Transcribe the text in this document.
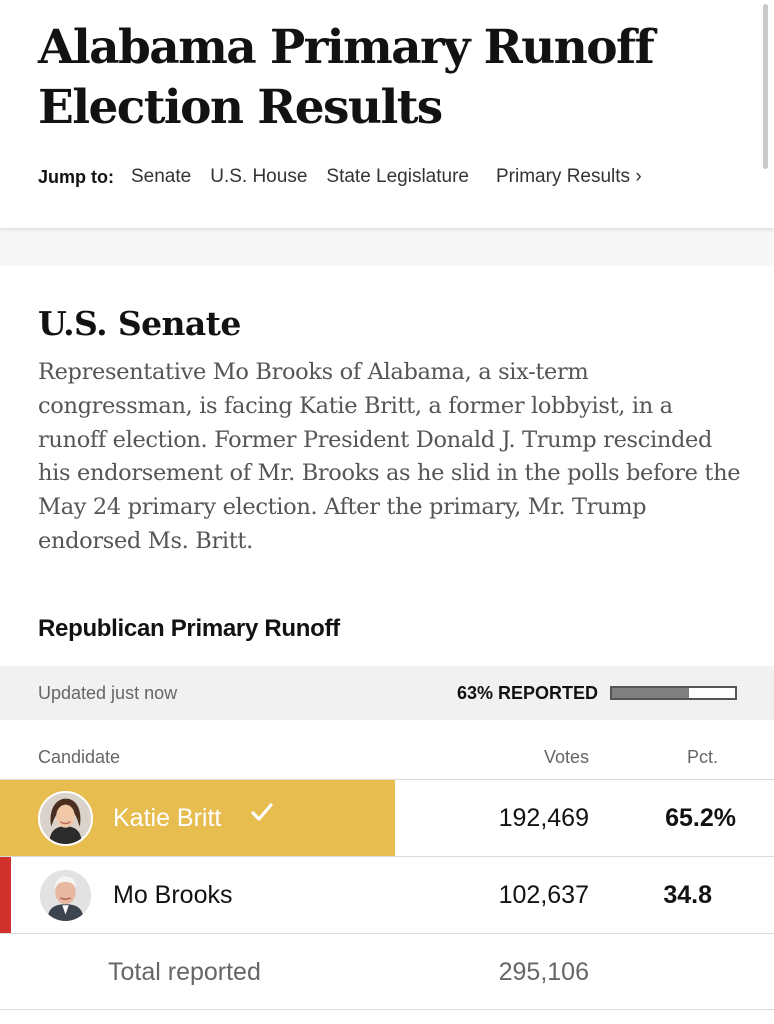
Alabama Primary Runoff Election Results
Jump to: Senate U.S. House State Legislature Primary Results ›
U.S. Senate

Representative Mo Brooks of Alabama, a six-term congressman, is facing Katie Britt, a former lobbyist, in a runoff election. Former President Donald J. Trump rescinded his endorsement of Mr. Brooks as he slid in the polls before the May 24 primary election. After the primary, Mr. Trump endorsed Ms. Britt.

Republican Primary Runoff
Updated just now	63% REPORTED
Candidate	Votes	Pct.
Katie Britt	192,469	65.2%
Mo Brooks	102,637	34.8
Total reported	295,106
